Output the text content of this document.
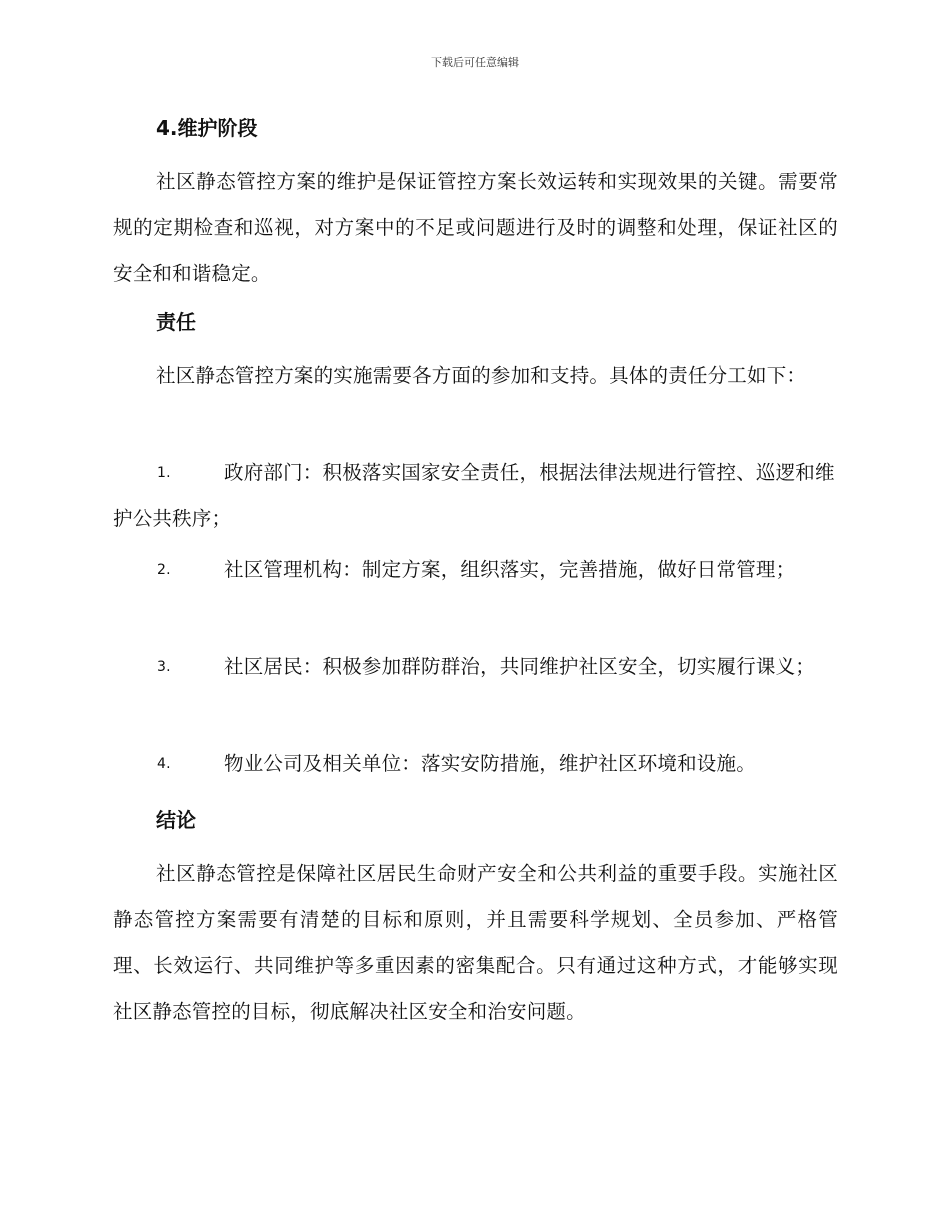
下载后可任意编辑
4.维护阶段
社区静态管控方案的维护是保证管控方案长效运转和实现效果的关键。需要常规的定期检查和巡视，对方案中的不足或问题进行及时的调整和处理，保证社区的安全和和谐稳定。
责任
社区静态管控方案的实施需要各方面的参加和支持。具体的责任分工如下：
1.	政府部门：积极落实国家安全责任，根据法律法规进行管控、巡逻和维护公共秩序；
2.	社区管理机构：制定方案，组织落实，完善措施，做好日常管理；
3.	社区居民：积极参加群防群治，共同维护社区安全，切实履行课义；
4.	物业公司及相关单位：落实安防措施，维护社区环境和设施。
结论
社区静态管控是保障社区居民生命财产安全和公共利益的重要手段。实施社区静态管控方案需要有清楚的目标和原则，并且需要科学规划、全员参加、严格管理、长效运行、共同维护等多重因素的密集配合。只有通过这种方式，才能够实现社区静态管控的目标，彻底解决社区安全和治安问题。
